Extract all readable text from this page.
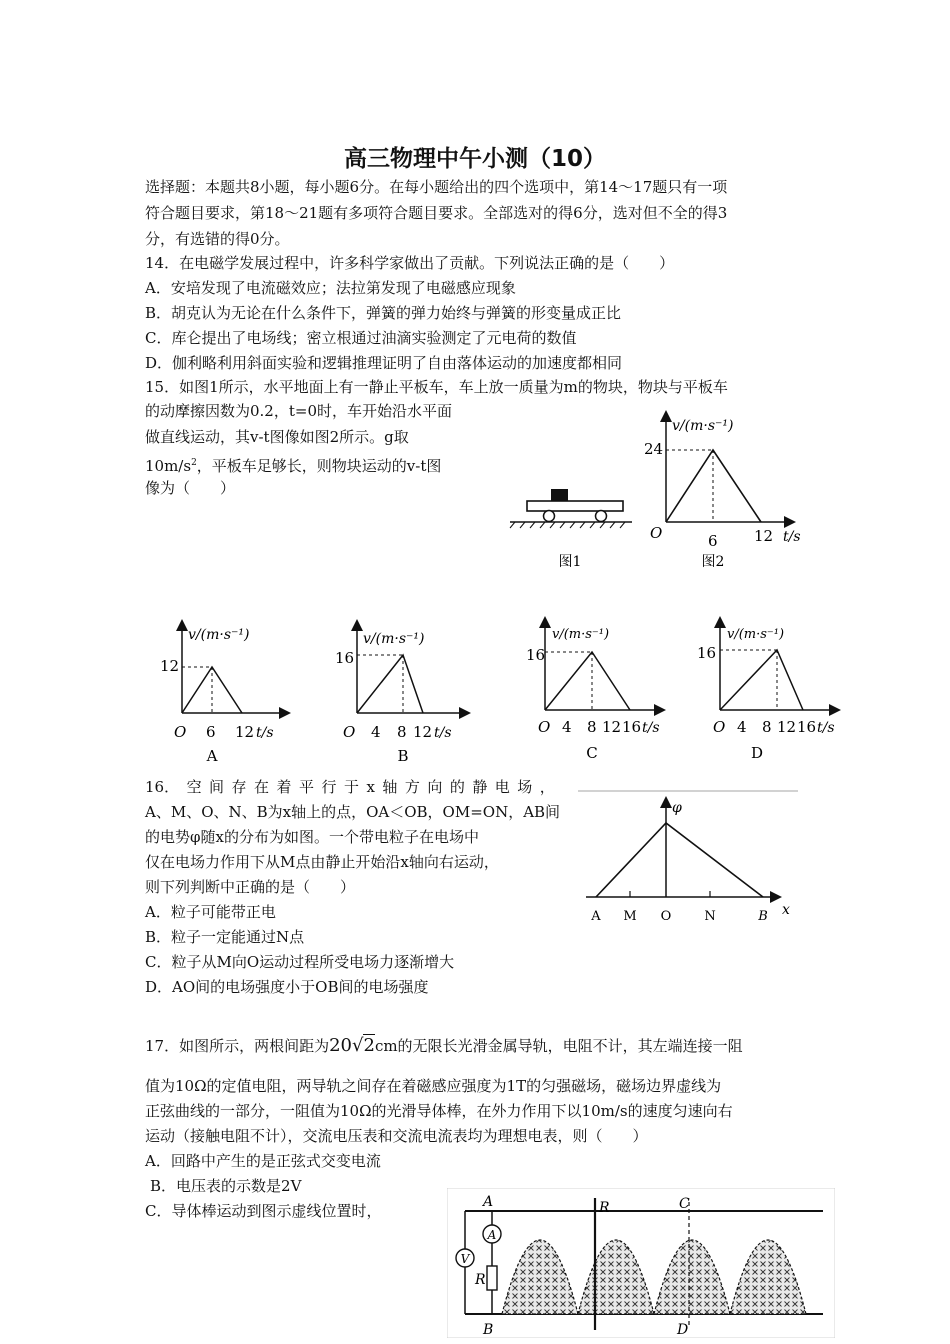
高三物理中午小测（10）
选择题：本题共8小题，每小题6分。在每小题给出的四个选项中，第14～17题只有一项
符合题目要求，第18～21题有多项符合题目要求。全部选对的得6分，选对但不全的得3
分，有选错的得0分。
14．在电磁学发展过程中，许多科学家做出了贡献。下列说法正确的是（　　）
A．安培发现了电流磁效应；法拉第发现了电磁感应现象
B．胡克认为无论在什么条件下，弹簧的弹力始终与弹簧的形变量成正比
C．库仑提出了电场线；密立根通过油滴实验测定了元电荷的数值
D．伽利略利用斜面实验和逻辑推理证明了自由落体运动的加速度都相同
15．如图1所示，水平地面上有一静止平板车，车上放一质量为m的物块，物块与平板车
的动摩擦因数为0.2，t=0时，车开始沿水平面
做直线运动，其v-t图像如图2所示。g取
$10m/s^2$，平板车足够长，则物块运动的v-t图
像为（　　）
图1
v/(m·s⁻¹)
24
O	6 12 t/s
图2
v/(m·s⁻¹)
12
O 6 12 t/s
A
v/(m·s⁻¹)
16
O 4 8 12 t/s
B
v/(m·s⁻¹)
16
O 4 8 12 16 t/s
C
v/(m·s⁻¹)
16
O 4 8 12 16 t/s
D
16． 空 间 存 在 着 平 行 于 x 轴 方 向 的 静 电 场 ，
A、M、O、N、B为x轴上的点，OA＜OB，OM=ON，AB间
的电势φ随x的分布为如图。一个带电粒子在电场中
仅在电场力作用下从M点由静止开始沿x轴向右运动，
则下列判断中正确的是（　　）
A．粒子可能带正电
B．粒子一定能通过N点
C．粒子从M向O运动过程所受电场力逐渐增大
D．AO间的电场强度小于OB间的电场强度
φ
x
A M O	N	B
17．如图所示，两根间距为20√2cm的无限长光滑金属导轨，电阻不计，其左端连接一阻
值为10Ω的定值电阻，两导轨之间存在着磁感应强度为1T的匀强磁场，磁场边界虚线为
正弦曲线的一部分，一阻值为10Ω的光滑导体棒，在外力作用下以10m/s的速度匀速向右
运动（接触电阻不计），交流电压表和交流电流表均为理想电表，则（　　）
A．回路中产生的是正弦式交变电流
B．电压表的示数是2V
C．导体棒运动到图示虚线位置时，
V
A
R
R
A
B
C
D
